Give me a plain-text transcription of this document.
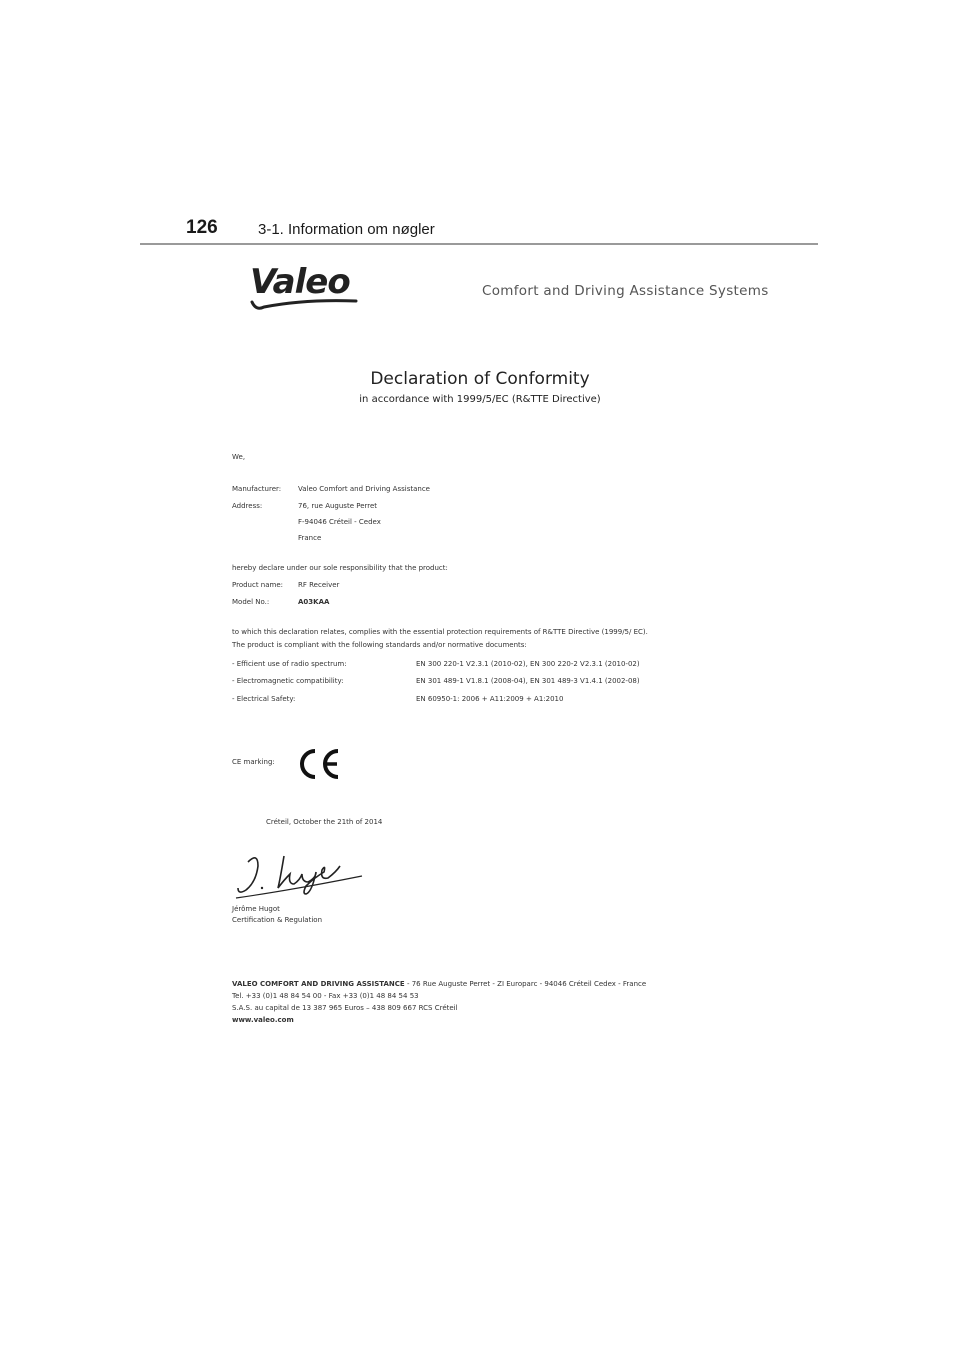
126	3-1. Information om nøgler
Valeo	Comfort and Driving Assistance Systems
Declaration of Conformity
in accordance with 1999/5/EC (R&TTE Directive)
We,
Manufacturer: Valeo Comfort and Driving Assistance
Address:	76, rue Auguste Perret
F-94046 Créteil - Cedex
France
hereby declare under our sole responsibility that the product:
Product name: RF Receiver
Model No.:	A03KAA
to which this declaration relates, complies with the essential protection requirements of R&TTE Directive (1999/5/ EC).
The product is compliant with the following standards and/or normative documents:
- Efficient use of radio spectrum:	EN 300 220-1 V2.3.1 (2010-02), EN 300 220-2 V2.3.1 (2010-02)
- Electromagnetic compatibility:	EN 301 489-1 V1.8.1 (2008-04), EN 301 489-3 V1.4.1 (2002-08)
- Electrical Safety:	EN 60950-1: 2006 + A11:2009 + A1:2010
CE marking:
Créteil, October the 21th of 2014
Jérôme Hugot
Certification & Regulation
VALEO COMFORT AND DRIVING ASSISTANCE - 76 Rue Auguste Perret - ZI Europarc - 94046 Créteil Cedex - France
Tel. +33 (0)1 48 84 54 00 - Fax +33 (0)1 48 84 54 53
S.A.S. au capital de 13 387 965 Euros – 438 809 667 RCS Créteil
www.valeo.com
